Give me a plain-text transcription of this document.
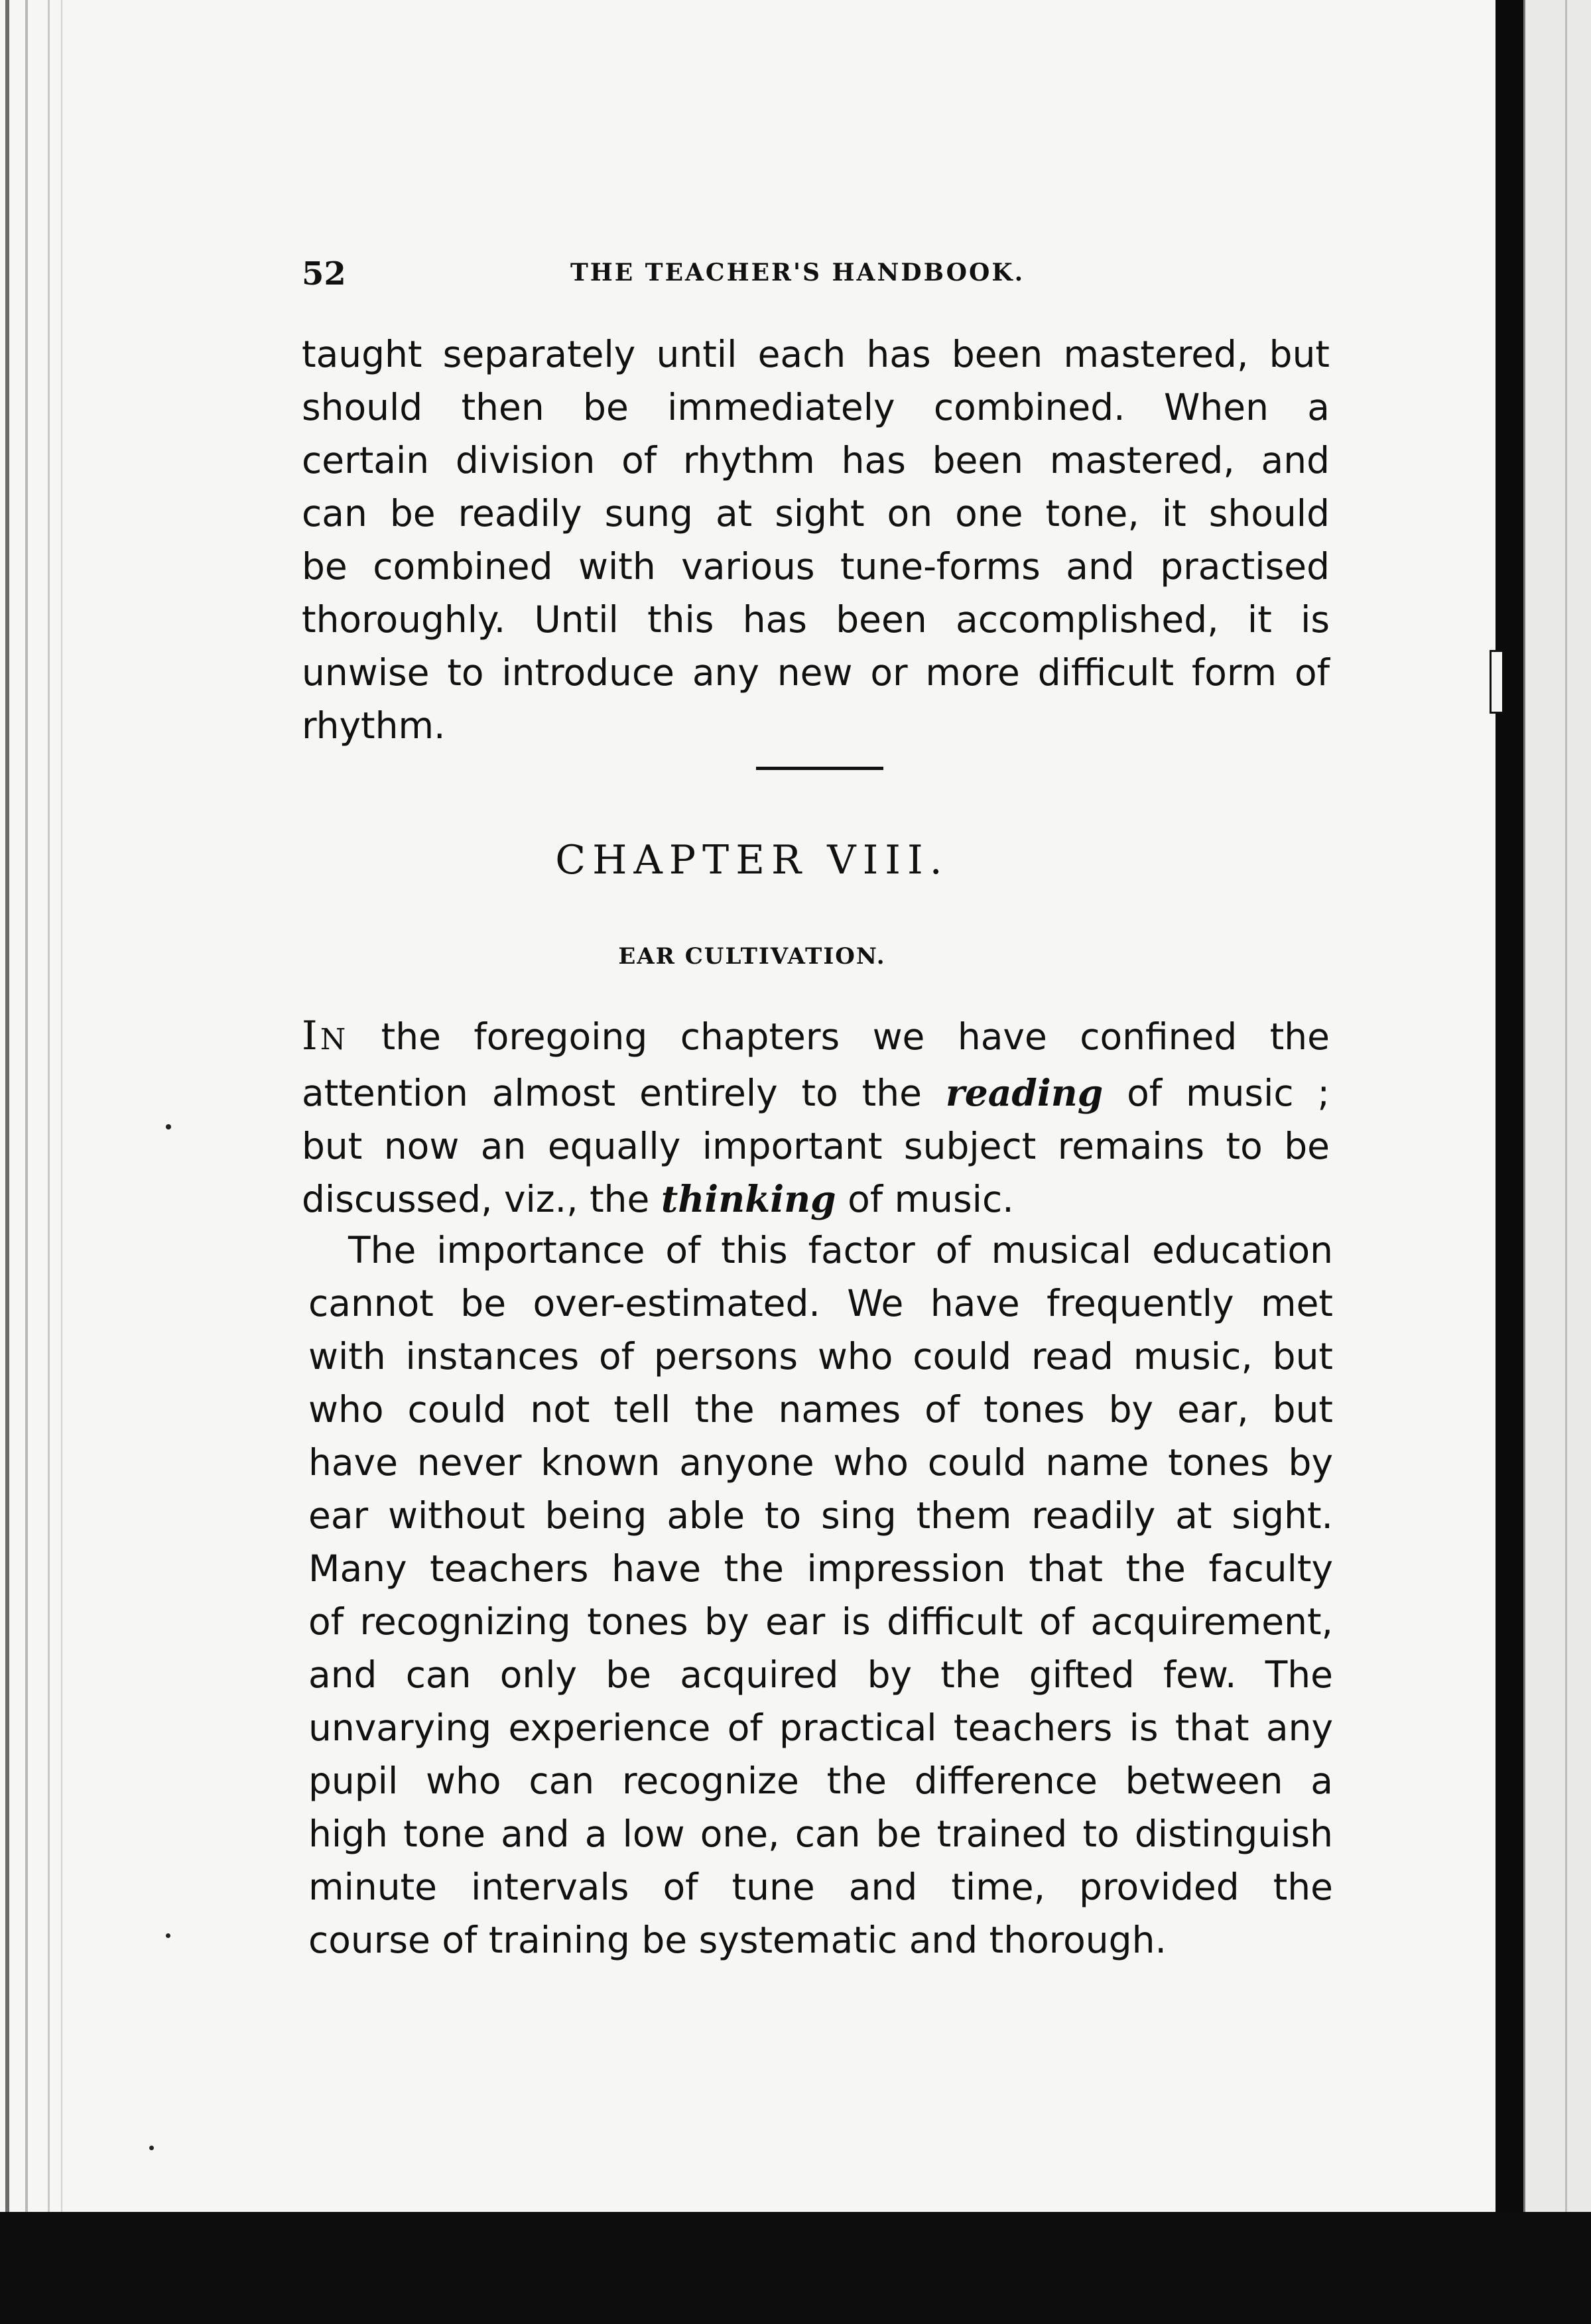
52	THE TEACHER'S HANDBOOK.
taught separately until each has been mastered, but
should then be immediately combined. When a
certain division of rhythm has been mastered, and
can be readily sung at sight on one tone, it should
be combined with various tune-forms and practised
thoroughly. Until this has been accomplished, it is
unwise to introduce any new or more difficult form of
rhythm.
CHAPTER VIII.
EAR CULTIVATION.
IN the foregoing chapters we have confined the
attention almost entirely to the reading of music ;
but now an equally important subject remains to be
discussed, viz., the thinking of music.
The importance of this factor of musical education
cannot be over-estimated. We have frequently met
with instances of persons who could read music, but
who could not tell the names of tones by ear, but
have never known anyone who could name tones by
ear without being able to sing them readily at sight.
Many teachers have the impression that the faculty
of recognizing tones by ear is difficult of acquirement,
and can only be acquired by the gifted few. The
unvarying experience of practical teachers is that any
pupil who can recognize the difference between a
high tone and a low one, can be trained to distinguish
minute intervals of tune and time, provided the
course of training be systematic and thorough.
